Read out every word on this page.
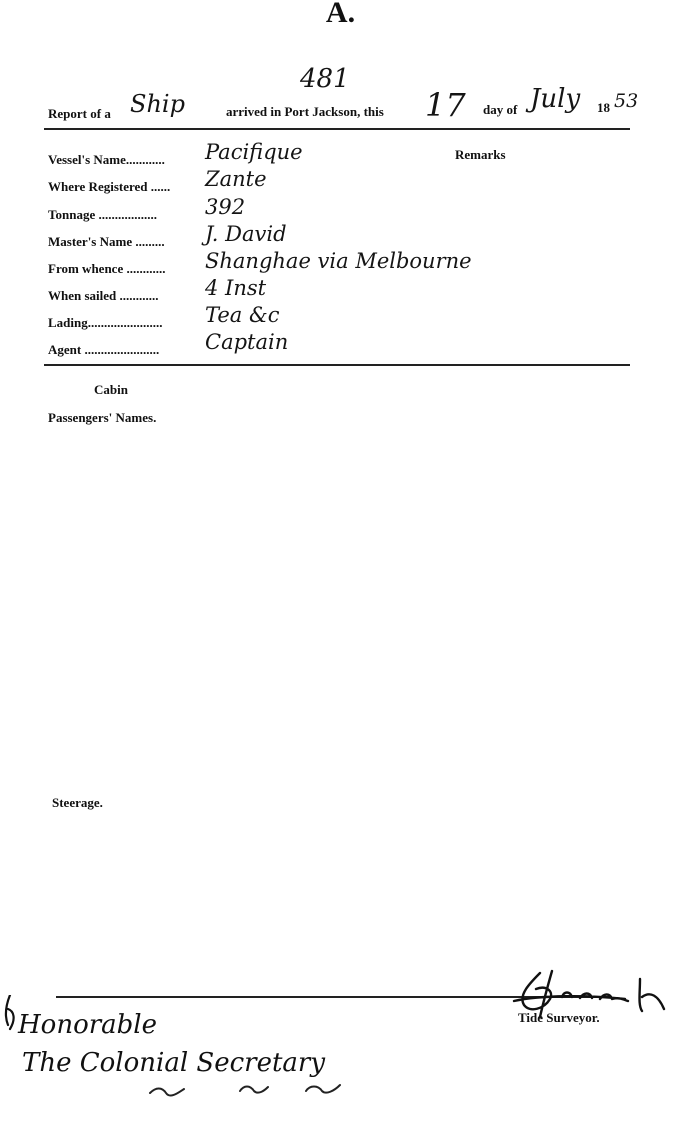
A.
481
Report of a Ship	arrived in Port Jackson, this 17 day of July 18 53
Remarks
Vessel's Name............ Pacifique
Where Registered ...... Zante
Tonnage .................. 392
Master's Name ......... J. David
From whence ............ Shanghae via Melbourne
When sailed ............ 4 Inst
Lading....................... Tea &c
Agent ....................... Captain
Cabin
Passengers' Names.
Steerage.
Tide Surveyor.
Honorable
The Colonial Secretary
